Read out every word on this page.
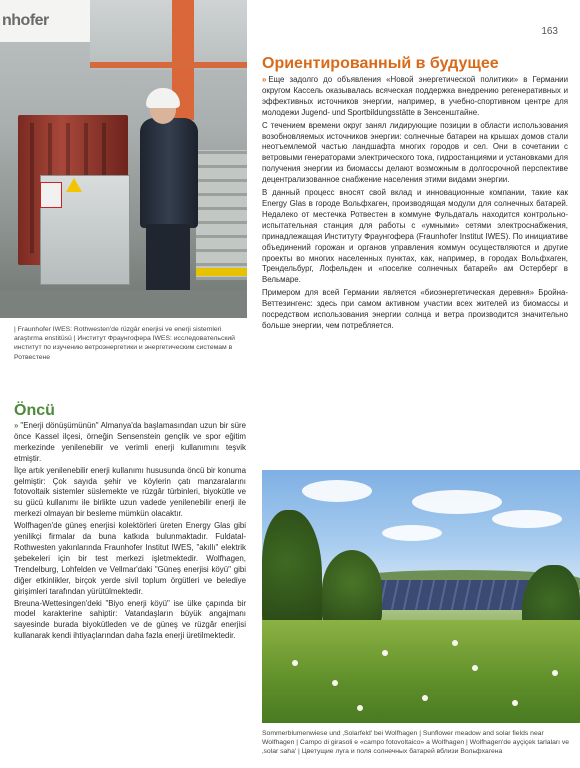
163
nhofer
| Fraunhofer IWES: Rothwesten'de rüzgâr enerjisi ve enerji sistemleri araştırma enstitüsü | Институт Фраунгофера IWES: исследовательский институт по изучению ветроэнергетики и энергетическим системам в Ротвестене
Ориентированный в будущее

» Еще задолго до объявления «Новой энергетической политики» в Германии округом Кассель оказывалась всяческая поддержка внедрению регенеративных и эффективных источников энергии, например, в учебно-спортивном центре для молодежи Jugend- und Sportbildungsstätte в Зенсенштайне.

С течением времени округ занял лидирующие позиции в области использования возобновляемых источников энергии: солнечные батареи на крышах домов стали неотъемлемой частью ландшафта многих городов и сел. Они в сочетании с ветровыми генераторами электрического тока, гидростанциями и установками для получения энергии из биомассы делают возможным в долгосрочной перспективе децентрализованное снабжение населения этими видами энергии.

В данный процесс вносят свой вклад и инновационные компании, такие как Energy Glas в городе Вольфхаген, производящая модули для солнечных батарей. Недалеко от местечка Ротвестен в коммуне Фульдаталь находится контрольно-испытательная станция для работы с «умными» сетями электроснабжения, принадлежащая Институту Фраунгофера (Fraunhofer Institut IWES). По инициативе объединений горожан и органов управления коммун осуществляются и другие проекты во многих населенных пунктах, как, например, в городах Вольфхаген, Трендельбург, Лофельден и «поселке солнечных батарей» ам Остерберг в Вельмаре.

Примером для всей Германии является «биоэнергетическая деревня» Бройна-Веттезингенс: здесь при самом активном участии всех жителей из биомассы и посредством использования энергии солнца и ветра производится значительно больше энергии, чем потребляется.

Öncü

» "Enerji dönüşümünün" Almanya'da başlamasından uzun bir süre önce Kassel ilçesi, örneğin Sensenstein gençlik ve spor eğitim merkezinde yenilenebilir ve verimli enerji kullanımını teşvik etmiştir.

İlçe artık yenilenebilir enerji kullanımı hususunda öncü bir konuma gelmiştir: Çok sayıda şehir ve köylerin çatı manzaralarını fotovoltaik sistemler süslemekte ve rüzgâr türbinleri, biyokütle ve su gücü kullanımı ile birlikte uzun vadede yenilenebilir enerji ile merkezi olmayan bir besleme mümkün olacaktır.

Wolfhagen'de güneş enerjisi kolektörleri üreten Energy Glas gibi yenilikçi firmalar da buna katkıda bulunmaktadır. Fuldatal-Rothwesten yakınlarında Fraunhofer Institut IWES, "akıllı" elektrik şebekeleri için bir test merkezi işletmektedir. Wolfhagen, Trendelburg, Lohfelden ve Vellmar'daki "Güneş enerjisi köyü" gibi diğer etkinlikler, birçok yerde sivil toplum örgütleri ve belediye girişimleri tarafından yürütülmektedir.

Breuna-Wettesingen'deki "Biyo enerji köyü" ise ülke çapında bir model karakterine sahiptir: Vatandaşların büyük angajmanı sayesinde burada biyokütleden ve de güneş ve rüzgâr enerjisi kullanarak kendi ihtiyaçlarından daha fazla enerji üretilmektedir.

Sommerblumenwiese und ‚Solarfeld' bei Wolfhagen | Sunflower meadow and solar fields near Wolfhagen | Campo di girasoli e «campo fotovoltaico» a Wolfhagen | Wolfhagen'de ayçiçek tarlaları ve ‚solar saha' | Цветущие луга и поля солнечных батарей вблизи Вольфхагена
